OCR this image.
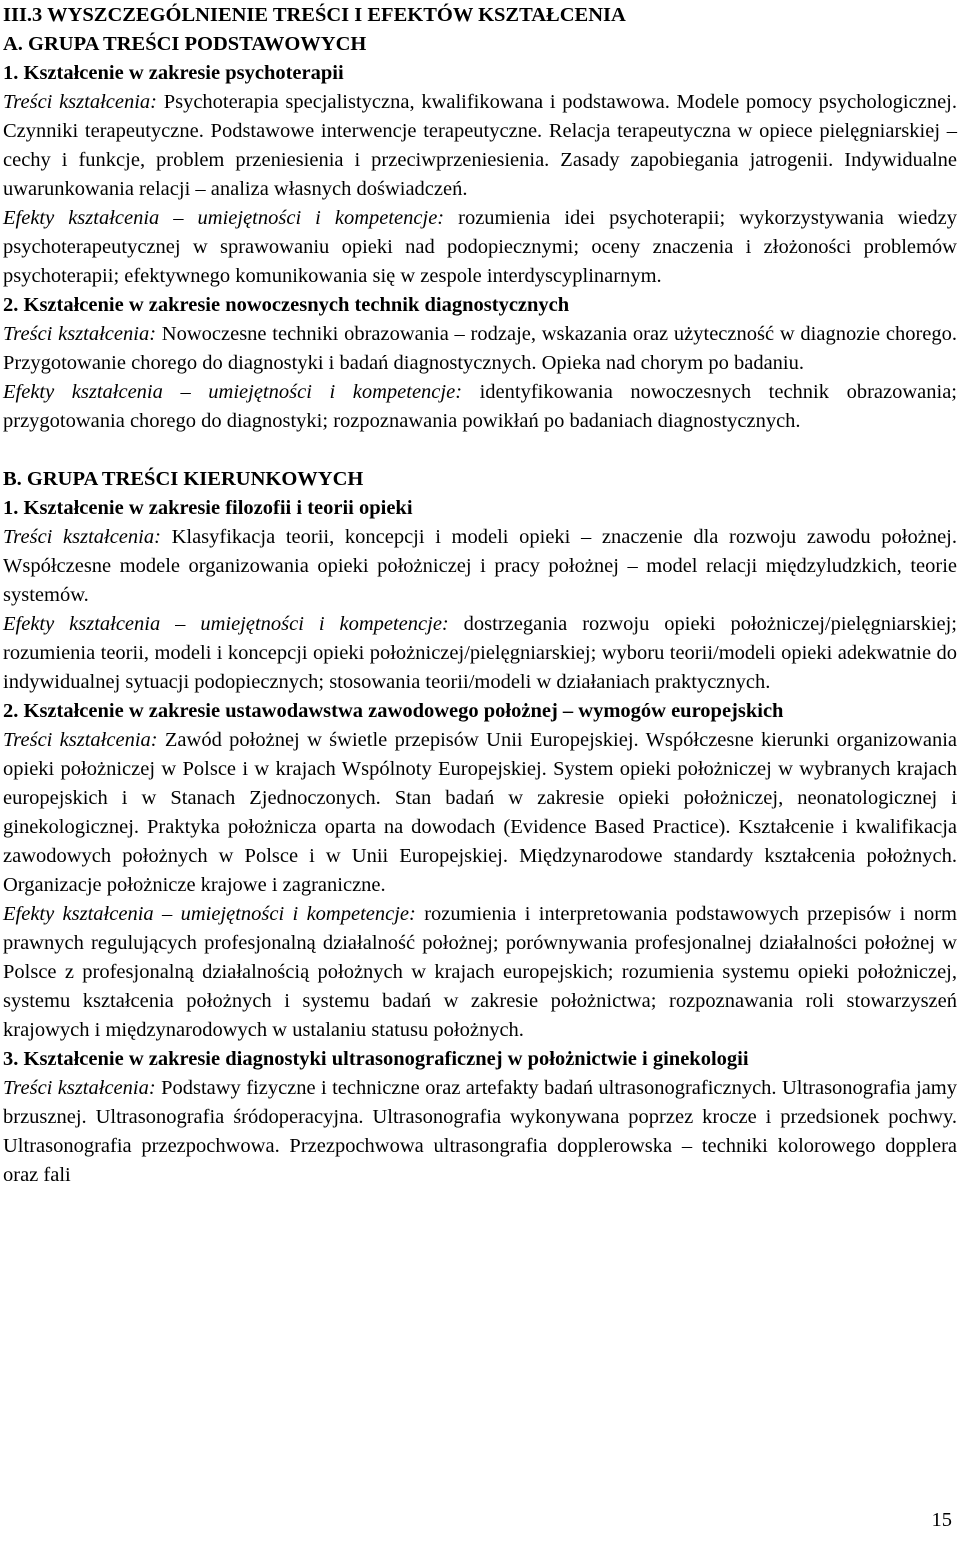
III.3 WYSZCZEGÓLNIENIE TREŚCI I EFEKTÓW KSZTAŁCENIA

A. GRUPA TREŚCI PODSTAWOWYCH

1. Kształcenie w zakresie psychoterapii

Treści kształcenia: Psychoterapia specjalistyczna, kwalifikowana i podstawowa. Modele pomocy psychologicznej. Czynniki terapeutyczne. Podstawowe interwencje terapeutyczne. Relacja terapeutyczna w opiece pielęgniarskiej – cechy i funkcje, problem przeniesienia i przeciwprzeniesienia. Zasady zapobiegania jatrogenii. Indywidualne uwarunkowania relacji – analiza własnych doświadczeń.

Efekty kształcenia – umiejętności i kompetencje: rozumienia idei psychoterapii; wykorzystywania wiedzy psychoterapeutycznej w sprawowaniu opieki nad podopiecznymi; oceny znaczenia i złożoności problemów psychoterapii; efektywnego komunikowania się w zespole interdyscyplinarnym.

2. Kształcenie w zakresie nowoczesnych technik diagnostycznych

Treści kształcenia: Nowoczesne techniki obrazowania – rodzaje, wskazania oraz użyteczność w diagnozie chorego. Przygotowanie chorego do diagnostyki i badań diagnostycznych. Opieka nad chorym po badaniu.

Efekty kształcenia – umiejętności i kompetencje: identyfikowania nowoczesnych technik obrazowania; przygotowania chorego do diagnostyki; rozpoznawania powikłań po badaniach diagnostycznych.

B. GRUPA TREŚCI KIERUNKOWYCH

1. Kształcenie w zakresie filozofii i teorii opieki

Treści kształcenia: Klasyfikacja teorii, koncepcji i modeli opieki – znaczenie dla rozwoju zawodu położnej. Współczesne modele organizowania opieki położniczej i pracy położnej – model relacji międzyludzkich, teorie systemów.

Efekty kształcenia – umiejętności i kompetencje: dostrzegania rozwoju opieki położniczej/pielęgniarskiej; rozumienia teorii, modeli i koncepcji opieki położniczej/pielęgniarskiej; wyboru teorii/modeli opieki adekwatnie do indywidualnej sytuacji podopiecznych; stosowania teorii/modeli w działaniach praktycznych.

2. Kształcenie w zakresie ustawodawstwa zawodowego położnej – wymogów europejskich

Treści kształcenia: Zawód położnej w świetle przepisów Unii Europejskiej. Współczesne kierunki organizowania opieki położniczej w Polsce i w krajach Wspólnoty Europejskiej. System opieki położniczej w wybranych krajach europejskich i w Stanach Zjednoczonych. Stan badań w zakresie opieki położniczej, neonatologicznej i ginekologicznej. Praktyka położnicza oparta na dowodach (Evidence Based Practice). Kształcenie i kwalifikacja zawodowych położnych w Polsce i w Unii Europejskiej. Międzynarodowe standardy kształcenia położnych. Organizacje położnicze krajowe i zagraniczne.

Efekty kształcenia – umiejętności i kompetencje: rozumienia i interpretowania podstawowych przepisów i norm prawnych regulujących profesjonalną działalność położnej; porównywania profesjonalnej działalności położnej w Polsce z profesjonalną działalnością położnych w krajach europejskich; rozumienia systemu opieki położniczej, systemu kształcenia położnych i systemu badań w zakresie położnictwa; rozpoznawania roli stowarzyszeń krajowych i międzynarodowych w ustalaniu statusu położnych.

3. Kształcenie w zakresie diagnostyki ultrasonograficznej w położnictwie i ginekologii

Treści kształcenia: Podstawy fizyczne i techniczne oraz artefakty badań ultrasonograficznych. Ultrasonografia jamy brzusznej. Ultrasonografia śródoperacyjna. Ultrasonografia wykonywana poprzez krocze i przedsionek pochwy. Ultrasonografia przezpochwowa. Przezpochwowa ultrasongrafia dopplerowska – techniki kolorowego dopplera oraz fali

15
